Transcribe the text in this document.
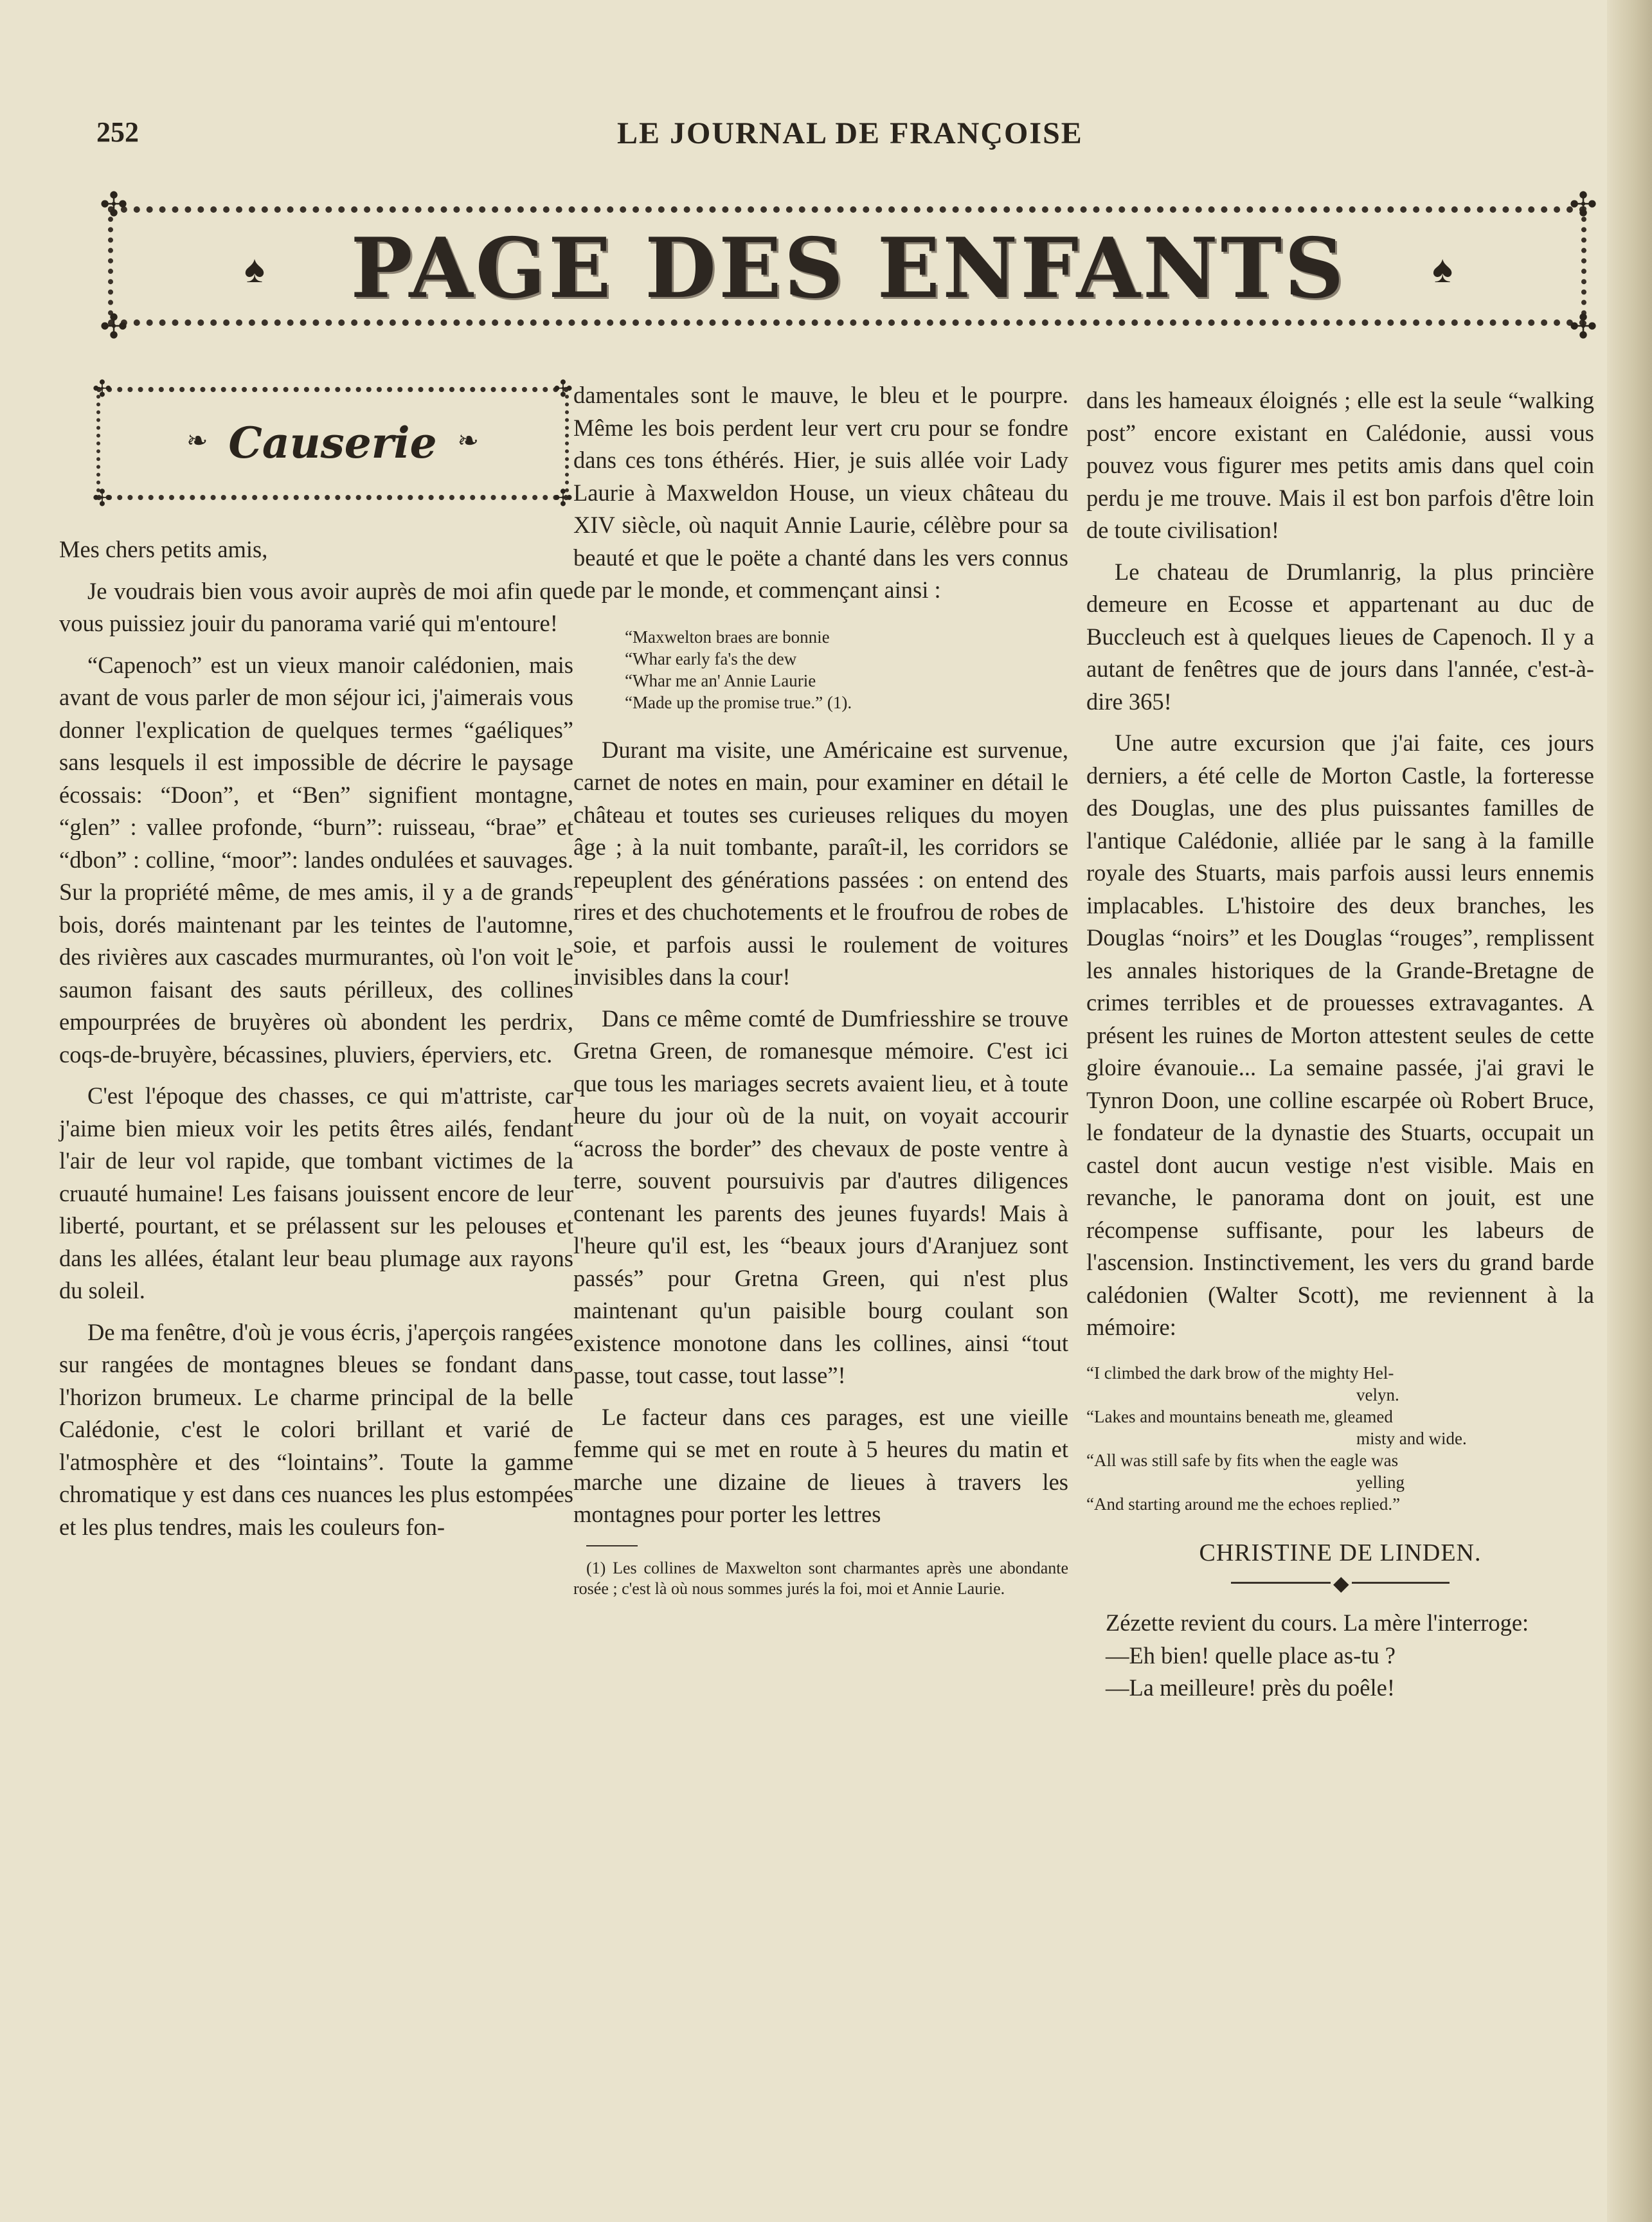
252	LE JOURNAL DE FRANÇOISE
✣	✣
✣	✣
♠	♠
PAGE DES ENFANTS
✣	✣
✣	✣
❧	❧
Causerie

Mes chers petits amis,

Je voudrais bien vous avoir auprès de moi afin que vous puissiez jouir du panorama varié qui m'entoure!

“Capenoch” est un vieux manoir calédonien, mais avant de vous parler de mon séjour ici, j'aimerais vous donner l'explication de quelques termes “gaéliques” sans lesquels il est impossible de décrire le paysage écossais: “Doon”, et “Ben” signifient montagne, “glen” : vallee profonde, “burn”: ruisseau, “brae” et “dbon” : colline, “moor”: landes ondulées et sauvages. Sur la propriété même, de mes amis, il y a de grands bois, dorés maintenant par les teintes de l'automne, des rivières aux cascades murmurantes, où l'on voit le saumon faisant des sauts périlleux, des collines empourprées de bruyères où abondent les perdrix, coqs-de-bruyère, bécassines, pluviers, éperviers, etc.

C'est l'époque des chasses, ce qui m'attriste, car j'aime bien mieux voir les petits êtres ailés, fendant l'air de leur vol rapide, que tombant victimes de la cruauté humaine! Les faisans jouissent encore de leur liberté, pourtant, et se prélassent sur les pelouses et dans les allées, étalant leur beau plumage aux rayons du soleil.

De ma fenêtre, d'où je vous écris, j'aperçois rangées sur rangées de montagnes bleues se fondant dans l'horizon brumeux. Le charme principal de la belle Calédonie, c'est le colori brillant et varié de l'atmosphère et des “lointains”. Toute la gamme chromatique y est dans ces nuances les plus estompées et les plus tendres, mais les couleurs fon-

damentales sont le mauve, le bleu et le pourpre. Même les bois perdent leur vert cru pour se fondre dans ces tons éthérés. Hier, je suis allée voir Lady Laurie à Maxweldon House, un vieux château du XIV siècle, où naquit Annie Laurie, célèbre pour sa beauté et que le poëte a chanté dans les vers connus de par le monde, et commençant ainsi :

“Maxwelton braes are bonnie
“Whar early fa's the dew
“Whar me an' Annie Laurie
“Made up the promise true.” (1).

Durant ma visite, une Américaine est survenue, carnet de notes en main, pour examiner en détail le château et toutes ses curieuses reliques du moyen âge ; à la nuit tombante, paraît-il, les corridors se repeuplent des générations passées : on entend des rires et des chuchotements et le froufrou de robes de soie, et parfois aussi le roulement de voitures invisibles dans la cour!

Dans ce même comté de Dumfriesshire se trouve Gretna Green, de romanesque mémoire. C'est ici que tous les mariages secrets avaient lieu, et à toute heure du jour où de la nuit, on voyait accourir “across the border” des chevaux de poste ventre à terre, souvent poursuivis par d'autres diligences contenant les parents des jeunes fuyards! Mais à l'heure qu'il est, les “beaux jours d'Aranjuez sont passés” pour Gretna Green, qui n'est plus maintenant qu'un paisible bourg coulant son existence monotone dans les collines, ainsi “tout passe, tout casse, tout lasse”!

Le facteur dans ces parages, est une vieille femme qui se met en route à 5 heures du matin et marche une dizaine de lieues à travers les montagnes pour porter les lettres

(1) Les collines de Maxwelton sont charmantes après une abondante rosée ; c'est là où nous sommes jurés la foi, moi et Annie Laurie.

dans les hameaux éloignés ; elle est la seule “walking post” encore existant en Calédonie, aussi vous pouvez vous figurer mes petits amis dans quel coin perdu je me trouve. Mais il est bon parfois d'être loin de toute civilisation!

Le chateau de Drumlanrig, la plus princière demeure en Ecosse et appartenant au duc de Buccleuch est à quelques lieues de Capenoch. Il y a autant de fenêtres que de jours dans l'année, c'est-à-dire 365!

Une autre excursion que j'ai faite, ces jours derniers, a été celle de Morton Castle, la forteresse des Douglas, une des plus puissantes familles de l'antique Calédonie, alliée par le sang à la famille royale des Stuarts, mais parfois aussi leurs ennemis implacables. L'histoire des deux branches, les Douglas “noirs” et les Douglas “rouges”, remplissent les annales historiques de la Grande-Bretagne de crimes terribles et de prouesses extravagantes. A présent les ruines de Morton attestent seules de cette gloire évanouie... La semaine passée, j'ai gravi le Tynron Doon, une colline escarpée où Robert Bruce, le fondateur de la dynastie des Stuarts, occupait un castel dont aucun vestige n'est visible. Mais en revanche, le panorama dont on jouit, est une récompense suffisante, pour les labeurs de l'ascension. Instinctivement, les vers du grand barde calédonien (Walter Scott), me reviennent à la mémoire:

“I climbed the dark brow of the mighty Hel-
velyn.
“Lakes and mountains beneath me, gleamed
misty and wide.
“All was still safe by fits when the eagle was
yelling
“And starting around me the echoes replied.”
CHRISTINE DE LINDEN.
◆

Zézette revient du cours. La mère l'interroge:

—Eh bien! quelle place as-tu ?

—La meilleure! près du poêle!
